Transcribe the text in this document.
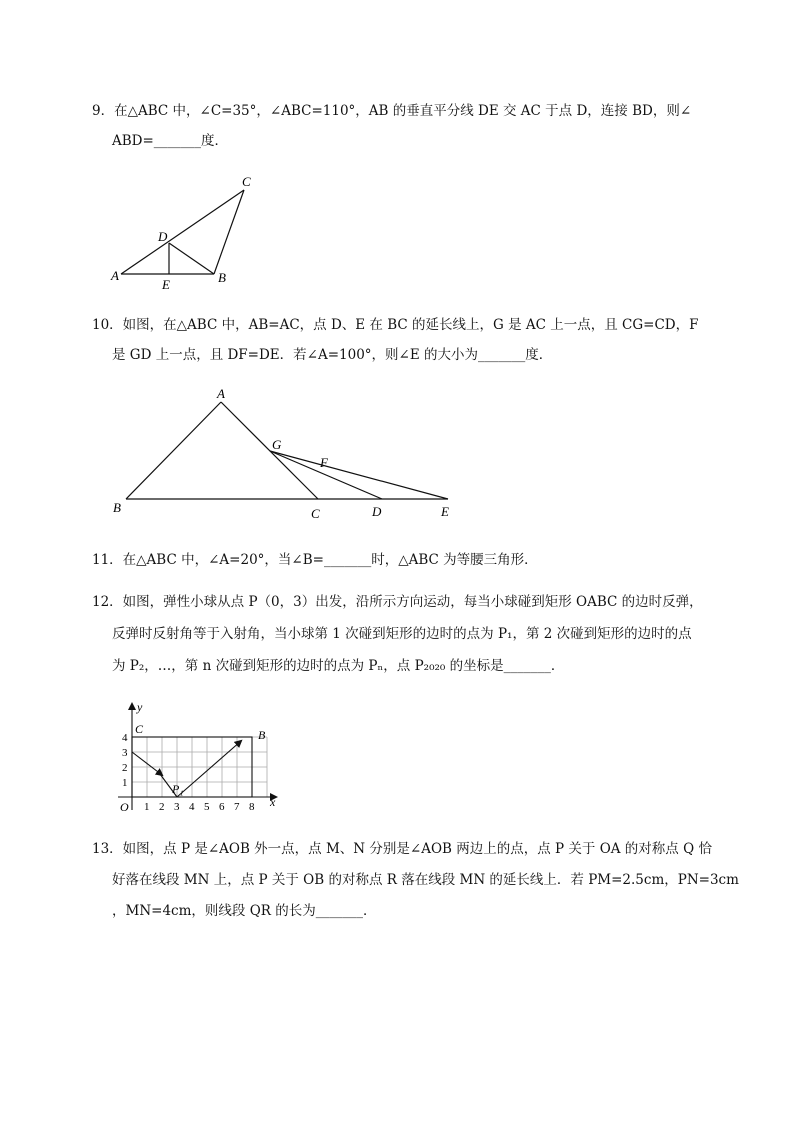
9．在△ABC 中，∠C=35°，∠ABC=110°，AB 的垂直平分线 DE 交 AC 于点 D，连接 BD，则∠
ABD=_______度．
C
D
A
E	B
10．如图，在△ABC 中，AB=AC，点 D、E 在 BC 的延长线上，G 是 AC 上一点，且 CG=CD，F
是 GD 上一点，且 DF=DE．若∠A=100°，则∠E 的大小为_______度．
A
G
F
B	C	D	E
11．在△ABC 中，∠A=20°，当∠B=_______时，△ABC 为等腰三角形．
12．如图，弹性小球从点 P（0，3）出发，沿所示方向运动，每当小球碰到矩形 OABC 的边时反弹，
反弹时反射角等于入射角，当小球第 1 次碰到矩形的边时的点为 P₁，第 2 次碰到矩形的边时的点
为 P₂，…，第 n 次碰到矩形的边时的点为 Pₙ，点 P₂₀₂₀ 的坐标是_______．
y
x
O
C	B
P₁
1 2 3 4 5 6 7 8
1
2
3
4
13．如图，点 P 是∠AOB 外一点，点 M、N 分别是∠AOB 两边上的点，点 P 关于 OA 的对称点 Q 恰
好落在线段 MN 上，点 P 关于 OB 的对称点 R 落在线段 MN 的延长线上．若 PM=2.5cm，PN=3cm
，MN=4cm，则线段 QR 的长为_______．
